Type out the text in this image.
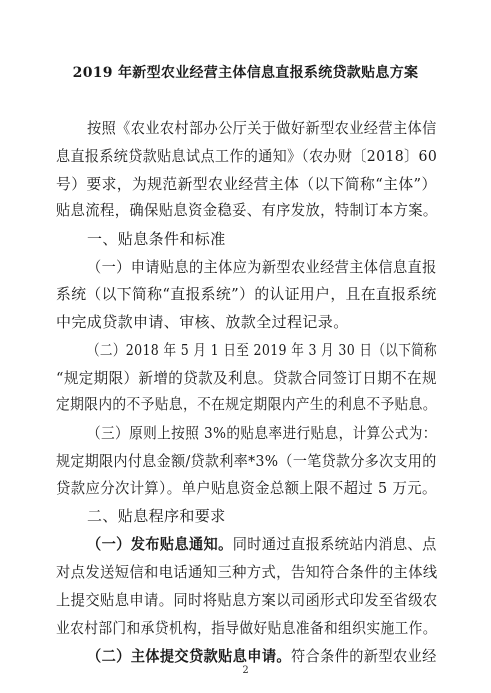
2019 年新型农业经营主体信息直报系统贷款贴息方案
按照《农业农村部办公厅关于做好新型农业经营主体信
息直报系统贷款贴息试点工作的通知》（农办财〔2018〕60
号）要求，为规范新型农业经营主体（以下简称“主体”）
贴息流程，确保贴息资金稳妥、有序发放，特制订本方案。
一、贴息条件和标准
（一）申请贴息的主体应为新型农业经营主体信息直报
系统（以下简称“直报系统”）的认证用户，且在直报系统
中完成贷款申请、审核、放款全过程记录。
（二）2018 年 5 月 1 日至 2019 年 3 月 30 日（以下简称
“规定期限）新增的贷款及利息。贷款合同签订日期不在规
定期限内的不予贴息，不在规定期限内产生的利息不予贴息。
（三）原则上按照 3%的贴息率进行贴息，计算公式为：
规定期限内付息金额/贷款利率*3%（一笔贷款分多次支用的
贷款应分次计算）。单户贴息资金总额上限不超过 5 万元。
二、贴息程序和要求
（一）发布贴息通知。同时通过直报系统站内消息、点
对点发送短信和电话通知三种方式，告知符合条件的主体线
上提交贴息申请。同时将贴息方案以司函形式印发至省级农
业农村部门和承贷机构，指导做好贴息准备和组织实施工作。
（二）主体提交贷款贴息申请。符合条件的新型农业经
2
